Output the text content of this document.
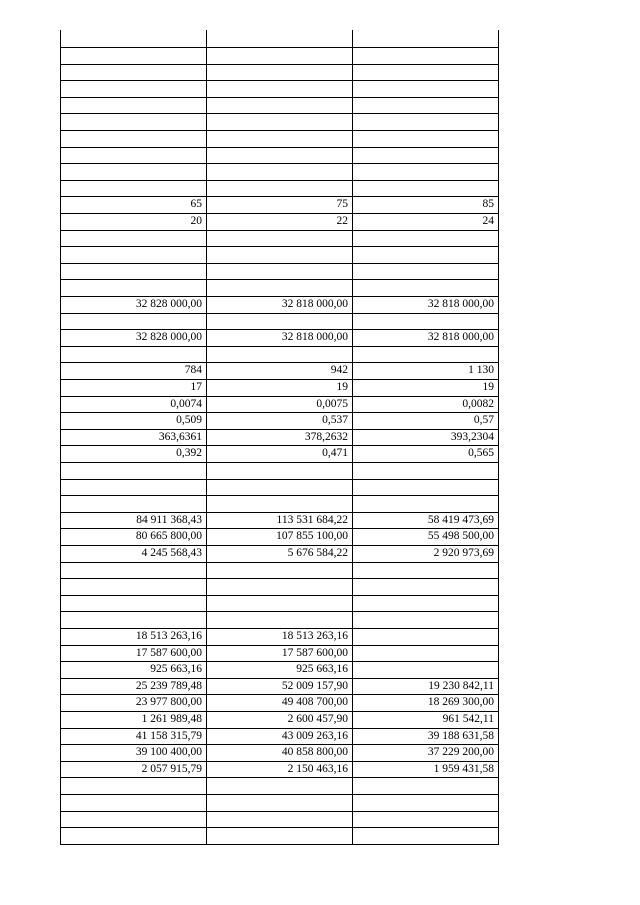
65	75	85
20	22	24
32 828 000,00	32 818 000,00	32 818 000,00
32 828 000,00	32 818 000,00	32 818 000,00
784	942	1 130
17	19	19
0,0074	0,0075	0,0082
0,509	0,537	0,57
363,6361	378,2632	393,2304
0,392	0,471	0,565
84 911 368,43	113 531 684,22	58 419 473,69
80 665 800,00	107 855 100,00	55 498 500,00
4 245 568,43	5 676 584,22	2 920 973,69
18 513 263,16	18 513 263,16
17 587 600,00	17 587 600,00
925 663,16	925 663,16
25 239 789,48	52 009 157,90	19 230 842,11
23 977 800,00	49 408 700,00	18 269 300,00
1 261 989,48	2 600 457,90	961 542,11
41 158 315,79	43 009 263,16	39 188 631,58
39 100 400,00	40 858 800,00	37 229 200,00
2 057 915,79	2 150 463,16	1 959 431,58
